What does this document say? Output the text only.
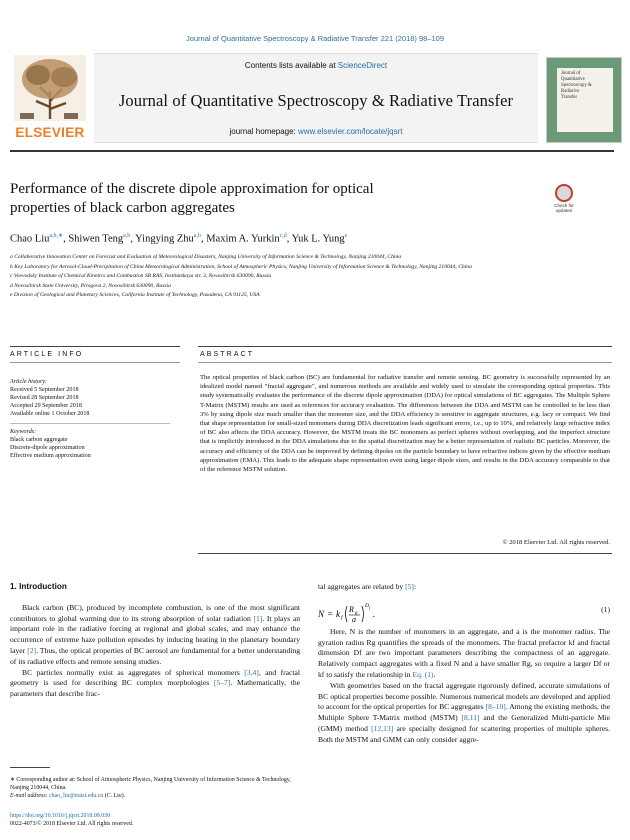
Journal of Quantitative Spectroscopy & Radiative Transfer 221 (2018) 98–109
ELSEVIER
Contents lists available at ScienceDirect
Journal of Quantitative Spectroscopy & Radiative Transfer
journal homepage: www.elsevier.com/locate/jqsrt
Journal of
Quantitative
Spectroscopy &
Radiative
Transfer
Performance of the discrete dipole approximation for optical
properties of black carbon aggregates	Check for updates
Chao Liu$^{a,b,∗}$, Shiwen Teng$^{a,b}$, Yingying Zhu$^{a,b}$, Maxim A. Yurkin$^{c,d}$, Yuk L. Yung$^e$

a Collaborative Innovation Center on Forecast and Evaluation of Meteorological Disasters, Nanjing University of Information Science & Technology, Nanjing 210044, China

b Key Laboratory for Aerosol-Cloud-Precipitation of China Meteorological Administration, School of Atmospheric Physics, Nanjing University of Information Science & Technology, Nanjing 210044, China

c Voevodsky Institute of Chemical Kinetics and Combustion SB RAS, Institutskaya str. 3, Novosibirsk 630090, Russia

d Novosibirsk State University, Pirogova 2, Novosibirsk 630090, Russia

e Division of Geological and Planetary Sciences, California Institute of Technology, Pasadena, CA 91125, USA

ARTICLE INFO	ABSTRACT
Article history:
Received 5 September 2018
Revised 28 September 2018
Accepted 29 September 2018
Available online 1 October 2018
Keywords:
Black carbon aggregate
Discrete-dipole approximation
Effective medium approximation
The optical properties of black carbon (BC) are fundamental for radiative transfer and remote sensing. BC geometry is successfully represented by an idealized model named "fractal aggregate", and numerous methods are available and widely used to simulate the corresponding optical properties. This study systematically evaluates the performance of the discrete dipole approximation (DDA) for optical simulations of BC aggregates. The Multiple Sphere T-Matrix (MSTM) results are used as references for accuracy evaluation. The differences between the DDA and MSTM can be controlled to be less than 3% by using dipole size much smaller than the monomer size, and the DDA efficiency is sensitive to aggregate structures, e.g. lacy or compact. We find that shape representation for small-sized monomers during DDA discretization leads significant errors, i.e., up to 10%, and relatively large refractive index of BC also affects the DDA accuracy. However, the MSTM treats the BC monomers as perfect spheres without overlapping, and the imperfect structure that is implicitly introduced in the DDA simulations due to the spatial discretization may be a better representation of realistic BC particles. Moreover, the accuracy and efficiency of the DDA can be improved by defining dipoles on the particle boundary to have refractive indices given by the effective medium approximation (EMA). This leads to the adequate shape representation even using larger dipole sizes, and results in the DDA accuracy comparable to that of the reference MSTM solution.
© 2018 Elsevier Ltd. All rights reserved.
1. Introduction

Black carbon (BC), produced by incomplete combustion, is one of the most significant contributors to global warming due to its strong absorption of solar radiation [1]. It plays an important role in the radiative forcing at regional and global scales, and may enhance the occurrence of extreme haze pollution episodes by inducing heating in the planetary boundary layer [2]. Thus, the optical properties of BC aerosol are fundamental for a better understanding of its radiative effects and remote sensing studies.

BC particles normally exist as aggregates of spherical monomers [3,4], and fractal geometry is used for describing BC complex morphologies [5–7]. Mathematically, the parameters that describe frac-

tal aggregates are related by [5]:

N = k f
R g
a
D f
.	(1)

Here, N is the number of monomers in an aggregate, and a is the monomer radius. The gyration radius Rg quantifies the spreads of the monomers. The fractal prefactor kf and fractal dimension Df are two important parameters describing the compactness of an aggregate. Relatively compact aggregates with a fixed N and a have smaller Rg, so require a larger Df or kf to satisfy the relationship in Eq. (1).

With geometries based on the fractal aggregate rigorously defined, accurate simulations of BC optical properties become possible. Numerous numerical models are developed and applied to account for the optical properties for BC aggregates [8–10]. Among the existing methods, the Multiple Sphere T-Matrix method (MSTM) [8,11] and the Generalized Multi-particle Mie (GMM) method [12,13] are specially designed for scattering properties of multiple spheres. Both the MSTM and GMM can only consider aggre-

∗ Corresponding author at: School of Atmospheric Physics, Nanjing University of Information Science & Technology, Nanjing 210044, China.
E-mail address: chao_liu@nuist.edu.cn (C. Liu).
https://doi.org/10.1016/j.jqsrt.2018.09.030
0022-4073/© 2018 Elsevier Ltd. All rights reserved.
